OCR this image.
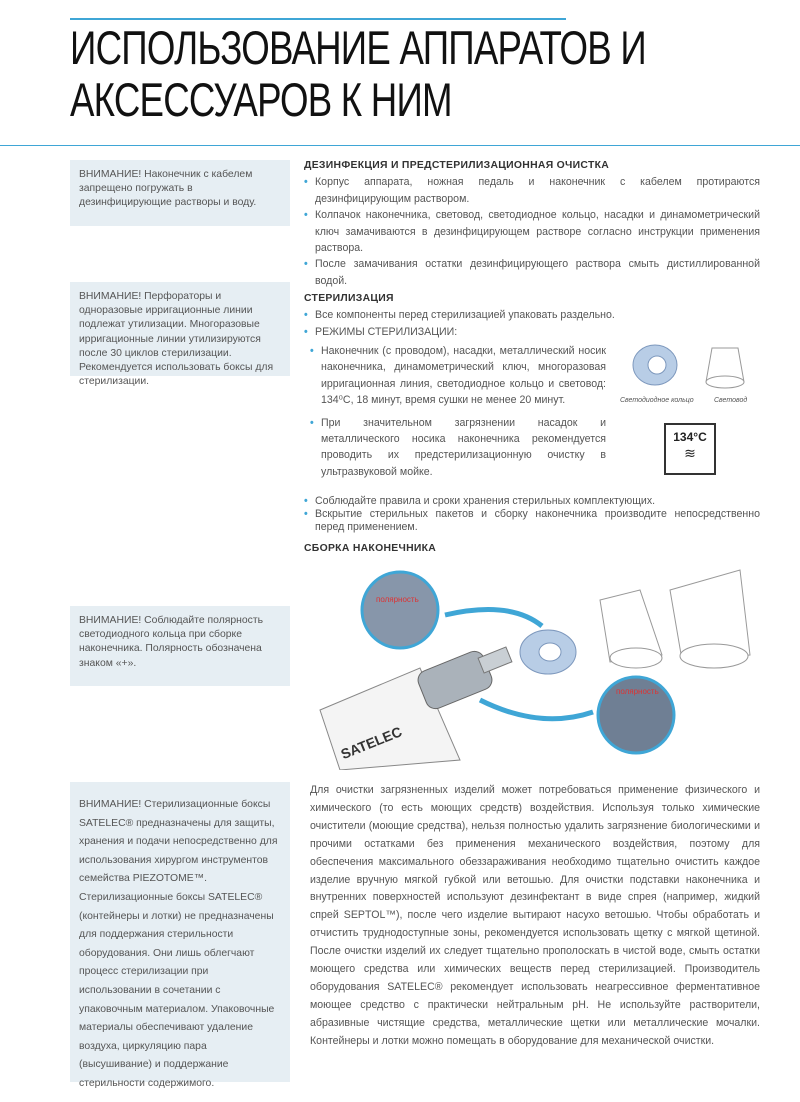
ИСПОЛЬЗОВАНИЕ АППАРАТОВ И
АКСЕССУАРОВ К НИМ
ВНИМАНИЕ! Наконечник с кабелем запрещено погружать в дезинфицирующие растворы и воду.
ВНИМАНИЕ! Перфораторы и одноразовые ирригационные линии подлежат утилизации. Многоразовые ирригационные линии утилизируются после 30 циклов стерилизации. Рекомендуется использовать боксы для стерилизации.
ВНИМАНИЕ! Соблюдайте полярность светодиодного кольца при сборке наконечника. Полярность обозначена знаком «+».
ВНИМАНИЕ! Стерилизационные боксы SATELEC® предназначены для защиты, хранения и подачи непосредственно для использования хирургом инструментов семейства PIEZOTOME™. Стерилизационные боксы SATELEC® (контейнеры и лотки) не предназначены для поддержания стерильности оборудования. Они лишь облегчают процесс стерилизации при использовании в сочетании с упаковочным материалом. Упаковочные материалы обеспечивают удаление воздуха, циркуляцию пара (высушивание) и поддержание стерильности содержимого.
ДЕЗИНФЕКЦИЯ И ПРЕДСТЕРИЛИЗАЦИОННАЯ ОЧИСТКА
• Корпус аппарата, ножная педаль и наконечник с кабелем протираются дезинфицирующим раствором.
• Колпачок наконечника, световод, светодиодное кольцо, насадки и динамометрический ключ замачиваются в дезинфицирующем растворе согласно инструкции применения раствора.
• После замачивания остатки дезинфицирующего раствора смыть дистиллированной водой.
СТЕРИЛИЗАЦИЯ
• Все компоненты перед стерилизацией упаковать раздельно.
• РЕЖИМЫ СТЕРИЛИЗАЦИИ:
• Наконечник (с проводом), насадки, металлический носик наконечника, динамометрический ключ, многоразовая ирригационная линия, светодиодное кольцо и световод: 134⁰С, 18 минут, время сушки не менее 20 минут.
• При значительном загрязнении насадок и металлического носика наконечника рекомендуется проводить их предстерилизационную очистку в ультразвуковой мойке.
Светодиодное кольцо	Световод
134°C
≋
• Соблюдайте правила и сроки хранения стерильных комплектующих.
• Вскрытие стерильных пакетов и сборку наконечника производите непосредственно перед применением.
СБОРКА НАКОНЕЧНИКА
SATELEC
полярность
полярность
Для очистки загрязненных изделий может потребоваться применение физического и химического (то есть моющих средств) воздействия. Используя только химические очистители (моющие средства), нельзя полностью удалить загрязнение биологическими и прочими остатками без применения механического воздействия, поэтому для обеспечения максимального обеззараживания необходимо тщательно очистить каждое изделие вручную мягкой губкой или ветошью. Для очистки подставки наконечника и внутренних поверхностей используют дезинфектант в виде спрея (например, жидкий спрей SEPTOL™), после чего изделие вытирают насухо ветошью. Чтобы обработать и отчистить труднодоступные зоны, рекомендуется использовать щетку с мягкой щетиной. После очистки изделий их следует тщательно прополоскать в чистой воде, смыть остатки моющего средства или химических веществ перед стерилизацией. Производитель оборудования SATELEC® рекомендует использовать неагрессивное ферментативное моющее средство с практически нейтральным pH. Не используйте растворители, абразивные чистящие средства, металлические щетки или металлические мочалки. Контейнеры и лотки можно помещать в оборудование для механической очистки.
